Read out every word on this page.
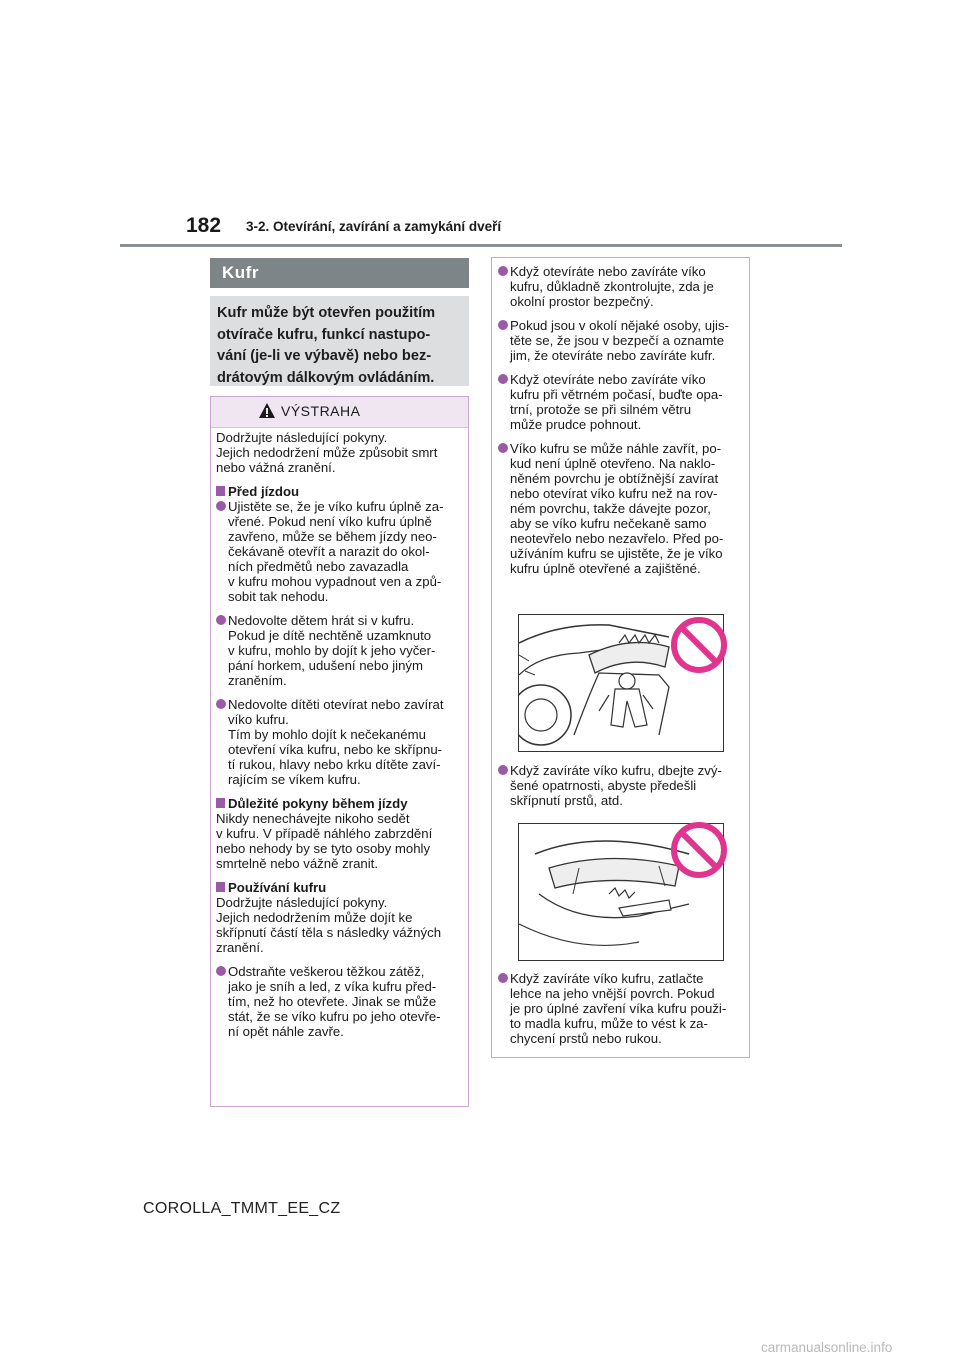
182 3-2. Otevírání, zavírání a zamykání dveří
Kufr
Kufr může být otevřen použitím
otvírače kufru, funkcí nastupo-
vání (je-li ve výbavě) nebo bez-
drátovým dálkovým ovládáním.
VÝSTRAHA

Dodržujte následující pokyny.
Jejich nedodržení může způsobit smrt
nebo vážná zranění.

Před jízdou

Ujistěte se, že je víko kufru úplně za-
vřené. Pokud není víko kufru úplně
zavřeno, může se během jízdy neo-
čekávaně otevřít a narazit do okol-
ních předmětů nebo zavazadla
v kufru mohou vypadnout ven a způ-
sobit tak nehodu.

Nedovolte dětem hrát si v kufru.
Pokud je dítě nechtěně uzamknuto
v kufru, mohlo by dojít k jeho vyčer-
pání horkem, udušení nebo jiným
zraněním.

Nedovolte dítěti otevírat nebo zavírat
víko kufru.
Tím by mohlo dojít k nečekanému
otevření víka kufru, nebo ke skřípnu-
tí rukou, hlavy nebo krku dítěte zaví-
rajícím se víkem kufru.

Důležité pokyny během jízdy

Nikdy nenechávejte nikoho sedět
v kufru. V případě náhlého zabrzdění
nebo nehody by se tyto osoby mohly
smrtelně nebo vážně zranit.

Používání kufru

Dodržujte následující pokyny.
Jejich nedodržením může dojít ke
skřípnutí částí těla s následky vážných
zranění.

Odstraňte veškerou těžkou zátěž,
jako je sníh a led, z víka kufru před-
tím, než ho otevřete. Jinak se může
stát, že se víko kufru po jeho otevře-
ní opět náhle zavře.

Když otevíráte nebo zavíráte víko
kufru, důkladně zkontrolujte, zda je
okolní prostor bezpečný.

Pokud jsou v okolí nějaké osoby, ujis-
těte se, že jsou v bezpečí a oznamte
jim, že otevíráte nebo zavíráte kufr.

Když otevíráte nebo zavíráte víko
kufru při větrném počasí, buďte opa-
trní, protože se při silném větru
může prudce pohnout.

Víko kufru se může náhle zavřít, po-
kud není úplně otevřeno. Na naklo-
něném povrchu je obtížnější zavírat
nebo otevírat víko kufru než na rov-
ném povrchu, takže dávejte pozor,
aby se víko kufru nečekaně samo
neotevřelo nebo nezavřelo. Před po-
užíváním kufru se ujistěte, že je víko
kufru úplně otevřené a zajištěné.

Když zavíráte víko kufru, dbejte zvý-
šené opatrnosti, abyste předešli
skřípnutí prstů, atd.

Když zavíráte víko kufru, zatlačte
lehce na jeho vnější povrch. Pokud
je pro úplné zavření víka kufru použi-
to madla kufru, může to vést k za-
chycení prstů nebo rukou.

COROLLA_TMMT_EE_CZ
carmanualsonline.info
